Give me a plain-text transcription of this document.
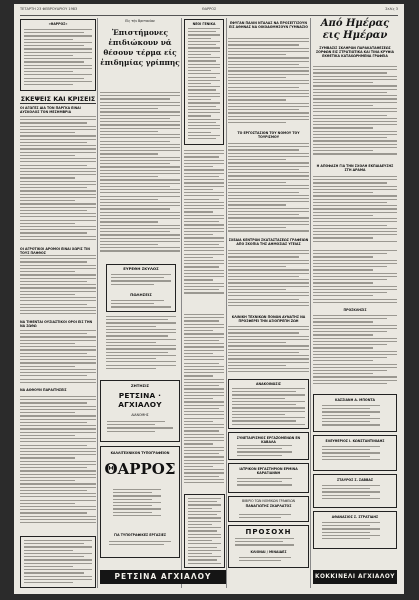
ΤΕΤΑΡΤΗ 23 ΦΕΒΡΟΥΑΡΙΟΥ 1983	ΘΑΡΡΟΣ	Σελίς 3
«ΘΑΡΡΟΣ»
ΣΚΕΨΕΙΣ ΚΑΙ ΚΡΙΣΕΙΣ
ΟΙ ΑΓΩΓΕΣ ΔΙΑ ΤΟΝ ΠΑΡΓΚΑ ΕΙΝΑΙ ΔΥΣΚΟΛΟΣ ΤΟΝ ΜΕΣΗΜΒΡΙΑ
ΟΙ ΑΓΡΟΤΙΚΟΙ ΔΡΟΜΟΙ ΕΙΝΑΙ ΧΩΡΙΣ ΤΙΝ ΤΟΥΣ ΠΛΗΘΟΣ
ΝΑ ΤΙΘΕΝΤΑΙ ΟΥΣΙΑΣΤΙΚΟΙ ΟΡΟΙ ΕΙΣ ΤΗΝ ΝΑ ΣΩΘΩ
ΝΑ ΔΟΘΟΥΝ ΠΑΡΑΙΤΗΣΕΙΣ
Εἰς τὴν Βρετανίαν
Ἐπιστήμονες ἐπιδιώκουν νά θέσουν τέρμα είς ἐπιδημίας γρίππης
ΕΥΡΕΘΗ ΣΚΥΛΟΣ
ΠΩΛΗΣΕΙΣ
ΖΗΤΗΣΙΣ
ΡΕΤΣΙΝΑ · ΑΓΧΙΑΛΟΥ
ΔΙΑΝΟΜΗΣ
ΚΑΛΛΙΤΕΧΝΙΚΟΝ ΤΥΠΟΓΡΑΦΕΙΟΝ
ΘΑΡΡΟΣ
ΓΙΑ ΤΥΠΟΓΡΑΦΙΚΕΣ ΕΡΓΑΣΙΕΣ
ΝΕΟΙ ΓΕΝΙΚΑ	ΕΦΥΓΑΝ ΠΑΛΙΝ ΝΤΑΛΑΣ ΝΑ ΠΡΟΣΕΓΓΙΣΟΥΝ ΕΙΣ ΑΘΗΝΑΣ ΝΑ ΟΙΚΟΔΟΜΗΣΟΥΝ ΓΥΜΝΑΣΙΟ
ΤΟ ΕΡΓΟΣΤΑΣΙΟΝ ΤΟΥ ΝΟΜΟΥ ΤΟΥ ΤΟΥΡΙΣΜΟΥ
ΣΧΕΔΙΑ ΚΕΝΤΡΩΝ ΣΚΑΤΑΣΤΑΣΕΩΣ ΓΡΑΦΕΙΩΝ ΑΠΟ ΣΚΟΠΙΑ ΤΗΣ ΔΗΜΟΣΙΑΣ ΥΓΕΙΑΣ
ΚΛΙΝΙΚΗ ΤΕΧΝΙΚΩΝ ΠΟΝΩΝ ΔΥΝΑΤΗΣ ΝΑ ΠΡΟΣΦΕΡΕΙ ΤΗΝ ΑΞΙΟΠΡΕΠΗ ΖΩΗ
ΑΝΑΚΟΙΝΩΣΙΣ
ΣΥΝΕΤΑΙΡΙΣΜΟΣ ΕΡΓΑΖΟΜΕΝΩΝ ΕΝ ΚΑΒΑΛΑ
ΙΑΤΡΙΚΟΝ ΕΡΓΑΣΤΗΡΙΟΝ ΕΡΜΙΝΑ ΚΑΡΑΓΙΑΝΝΗ
ΒΙΒΙΡΙΟ ΤΩΝ ΝΟΜΙΚΩΝ ΓΡΑΦΕΙΩΝ
ΠΑΝΑΓΙΩΤΗΣ ΣΚΑΡΛΑΤΟΣ
ΠΡΟΣΟΧΗ
ΚΛΙΟΝΑΙ / ΜΙΝΑΙΔΕΣ
Από Ημέρας εις Ημέραν
ΣΥΜΒΑΣΙΣ ΣΚΛΗΡΩΝ ΠΑΡΑΚΑΤΑΘΕΣΕΩΣ ΣΟΡΦΩΝ ΕΙΣ ΣΤΡΑΤΙΩΤΙΚΑ ΚΑΙ ΤΙΝΑ ΚΡΥΦΙΑ ΕΚΘΕΤΙΚΑ ΚΑΤΑΧΩΡΗΜΕΝΑ ΓΡΑΦΕΙΑ
Η ΑΠΟΦΑΣΗ ΓΙΑ ΤΗΝ ΣΧΟΛΗ ΕΚΠΑΙΔΕΥΣΗΣ ΣΤΗ ΔΡΑΜΑ
ΠΡΟΣΚΛΗΣΙΣ
ΚΑΣΣΙΑΝΗ Α. ΜΠΟΝΤΑ
ΕΛΕΥΘΕΡΙΟΣ Ι. ΚΩΝΣΤΑΝΤΙΝΙΔΗΣ
ΣΤΑΥΡΟΣ Σ. ΣΑΒΒΑΣ
ΑΘΑΝΑΣΙΟΣ Σ. ΣΤΡΑΤΙΔΗΣ
ΡΕΤΣΙΝΑ ΑΓΧΙΑΛΟΥ	ΚΟΚΚΙΝΕΛΙ ΑΓΧΙΑΛΟΥ
